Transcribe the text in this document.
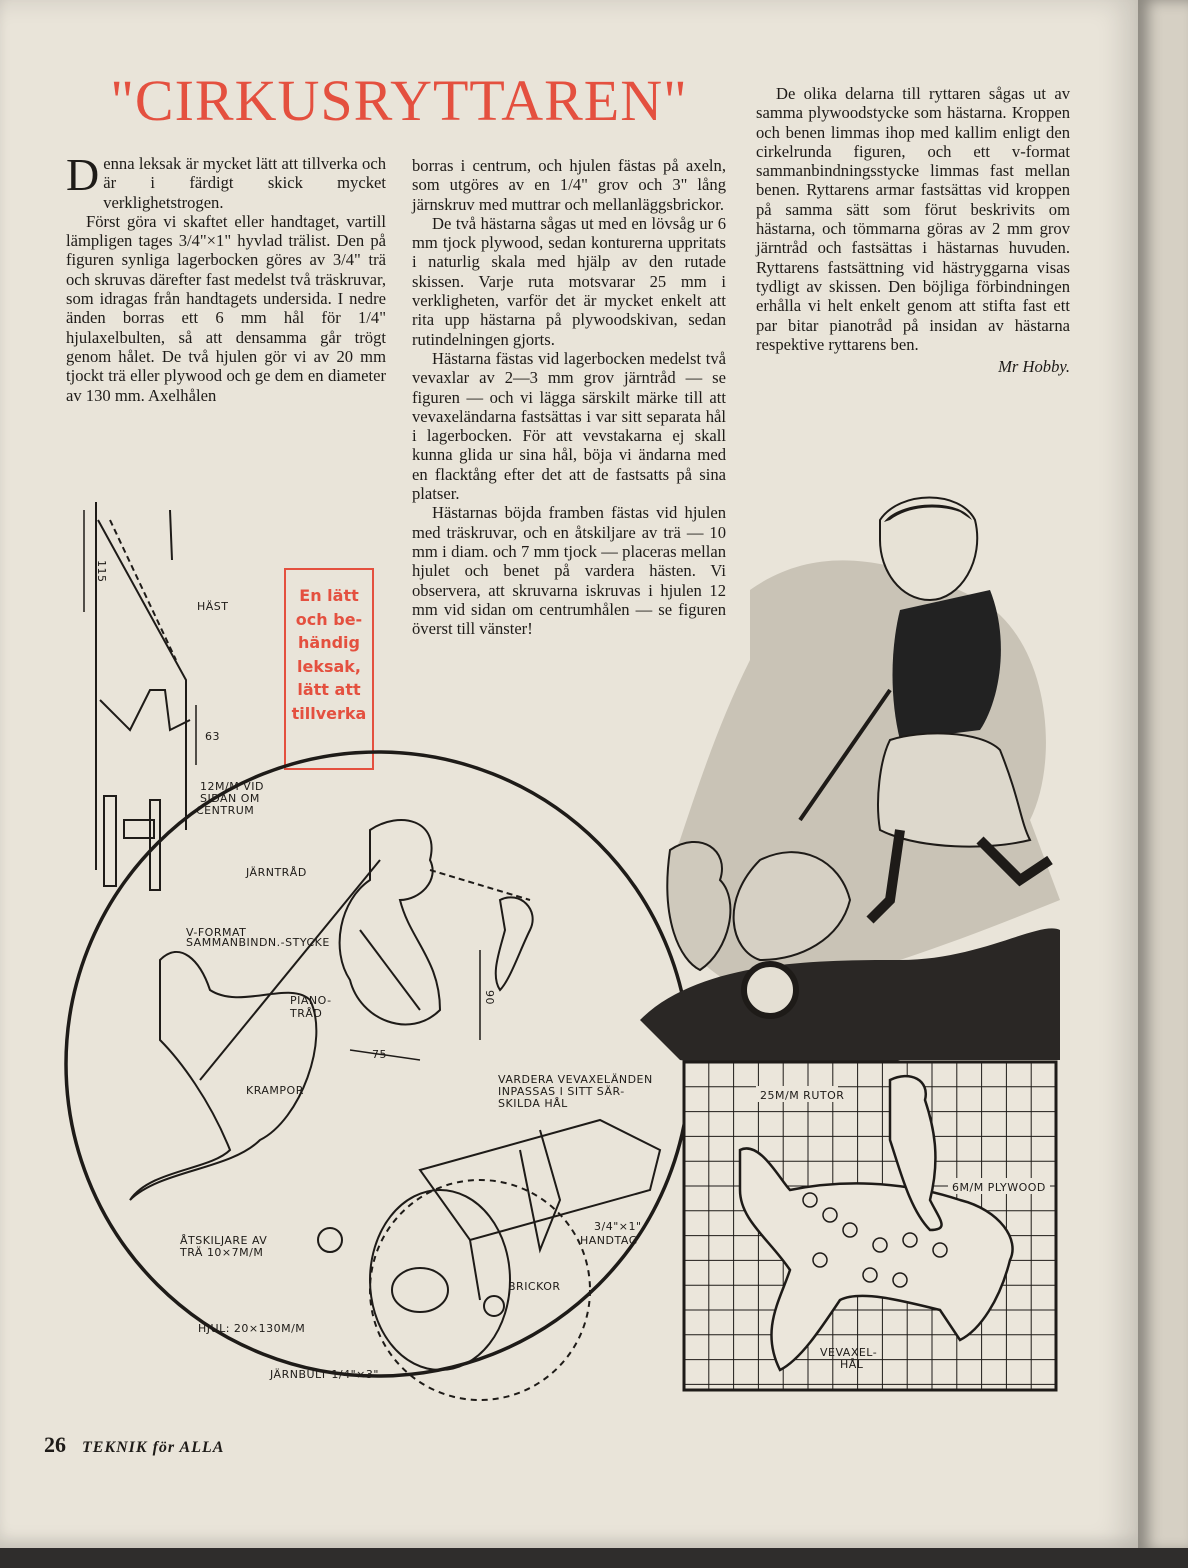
"CIRKUSRYTTAREN"

Denna leksak är mycket lätt att tillverka och är i färdigt skick mycket verklighetstrogen.

Först göra vi skaftet eller handtaget, vartill lämpligen tages 3/4"×1" hyvlad trälist. Den på figuren synliga lagerbocken göres av 3/4" trä och skruvas därefter fast medelst två träskruvar, som idragas från handtagets undersida. I nedre änden borras ett 6 mm hål för 1/4" hjulaxelbulten, så att densamma går trögt genom hålet. De två hjulen gör vi av 20 mm tjockt trä eller plywood och ge dem en diameter av 130 mm. Axelhålen

borras i centrum, och hjulen fästas på axeln, som utgöres av en 1/4" grov och 3" lång järnskruv med muttrar och mellanläggsbrickor.

De två hästarna sågas ut med en lövsåg ur 6 mm tjock plywood, sedan konturerna uppritats i naturlig skala med hjälp av den rutade skissen. Varje ruta motsvarar 25 mm i verkligheten, varför det är mycket enkelt att rita upp hästarna på plywoodskivan, sedan rutindelningen gjorts.

Hästarna fästas vid lagerbocken medelst två vevaxlar av 2—3 mm grov järntråd — se figuren — och vi lägga särskilt märke till att vevaxeländarna fastsättas i var sitt separata hål i lagerbocken. För att vevstakarna ej skall kunna glida ur sina hål, böja vi ändarna med en flacktång efter det att de fastsatts på sina platser.

Hästarnas böjda framben fästas vid hjulen med träskruvar, och en åtskiljare av trä — 10 mm i diam. och 7 mm tjock — placeras mellan hjulet och benet på vardera hästen. Vi observera, att skruvarna iskruvas i hjulen 12 mm vid sidan om centrumhålen — se figuren överst till vänster!

De olika delarna till ryttaren sågas ut av samma plywoodstycke som hästarna. Kroppen och benen limmas ihop med kallim enligt den cirkelrunda figuren, och ett v-format sammanbindningsstycke limmas fast mellan benen. Ryttarens armar fastsättas vid kroppen på samma sätt som förut beskrivits om hästarna, och tömmarna göras av 2 mm grov järntråd och fastsättas i hästarnas huvuden. Ryttarens fastsättning vid hästryggarna visas tydligt av skissen. Den böjliga förbindningen erhålla vi helt enkelt genom att stifta fast ett par bitar pianotråd på insidan av hästarna respektive ryttarens ben.

Mr Hobby.
En lätt
och be-
händig
leksak,
lätt att
tillverka
115
HÄST
63
12M/M VID
SIDAN OM
CENTRUM
JÄRNTRÅD
V-FORMAT
SAMMANBINDN.-STYCKE
PIANO-
TRÅD
90
75
KRAMPOR
VARDERA VEVAXELÄNDEN
INPASSAS I SITT SÄR-
SKILDA HÅL
3/4"×1"
HANDTAG
ÅTSKILJARE AV
TRÄ 10×7M/M
BRICKOR
HJUL: 20×130M/M
JÄRNBULT 1/4"×3"
25M/M RUTOR
6M/M PLYWOOD
VEVAXEL-
HÅL
26 TEKNIK för ALLA
